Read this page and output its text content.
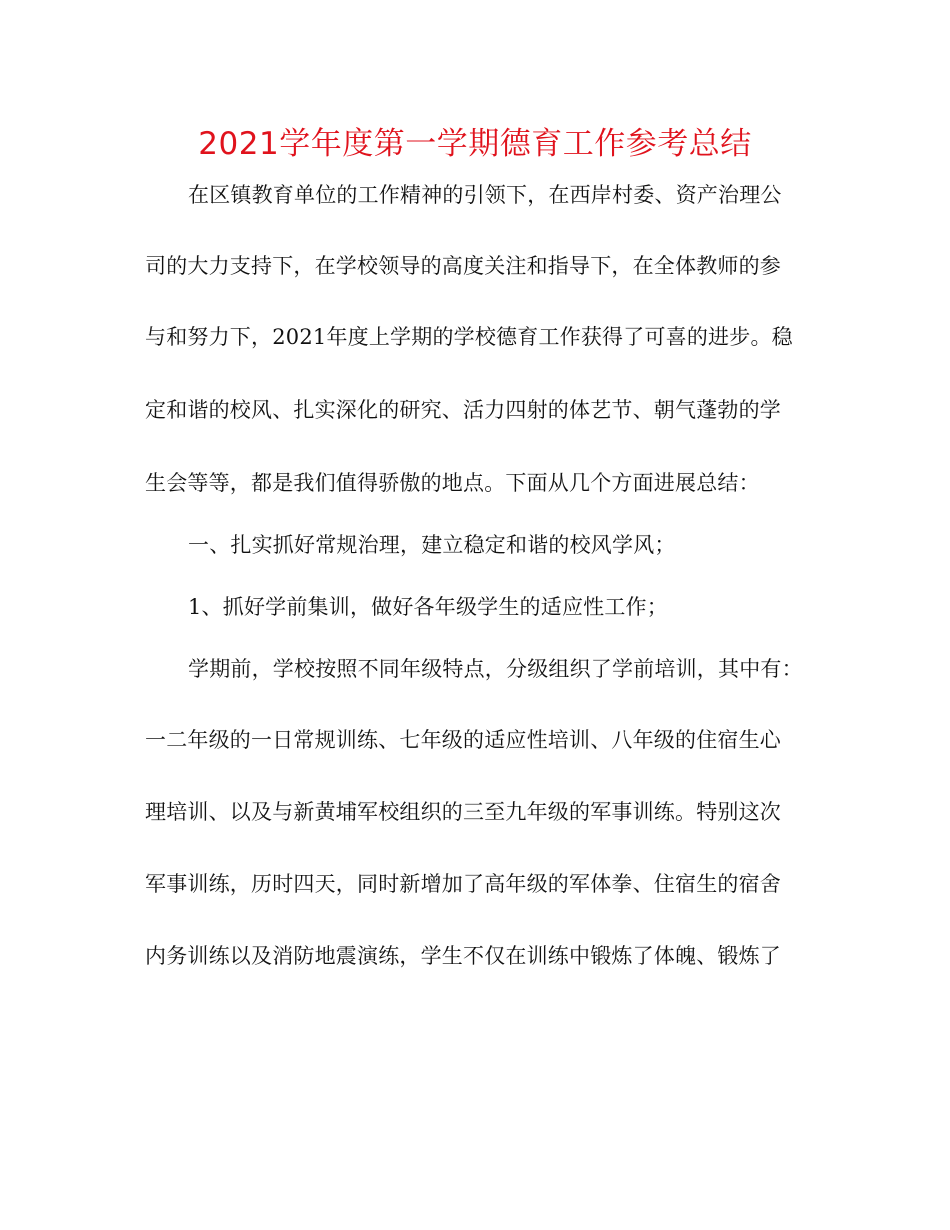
2021学年度第一学期德育工作参考总结
在区镇教育单位的工作精神的引领下，在西岸村委、资产治理公
司的大力支持下，在学校领导的高度关注和指导下，在全体教师的参
与和努力下，2021年度上学期的学校德育工作获得了可喜的进步。稳
定和谐的校风、扎实深化的研究、活力四射的体艺节、朝气蓬勃的学
生会等等，都是我们值得骄傲的地点。下面从几个方面进展总结：
一、扎实抓好常规治理，建立稳定和谐的校风学风；
1、抓好学前集训，做好各年级学生的适应性工作；
学期前，学校按照不同年级特点，分级组织了学前培训，其中有：
一二年级的一日常规训练、七年级的适应性培训、八年级的住宿生心
理培训、以及与新黄埔军校组织的三至九年级的军事训练。特别这次
军事训练，历时四天，同时新增加了高年级的军体拳、住宿生的宿舍
内务训练以及消防地震演练，学生不仅在训练中锻炼了体魄、锻炼了
